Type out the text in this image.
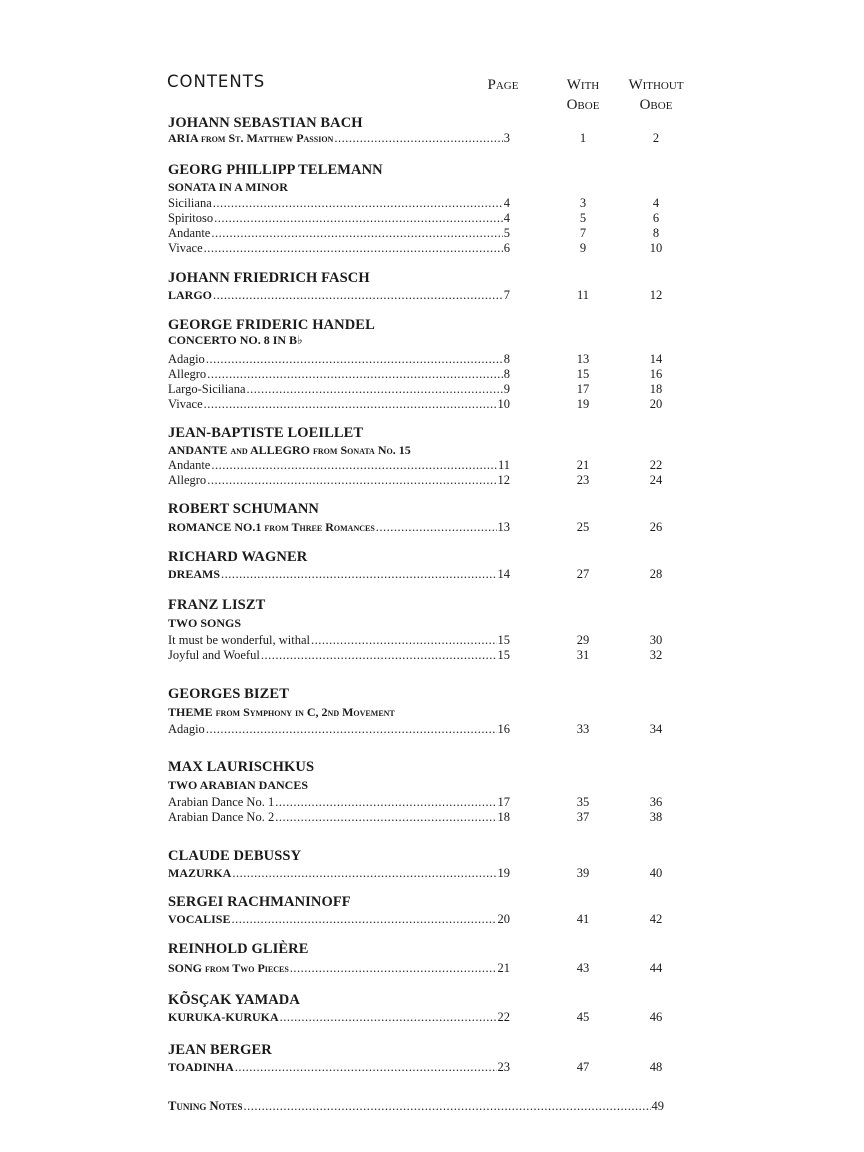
CONTENTS	Page	With
Oboe
Without
Oboe
JOHANN SEBASTIAN BACH
ARIA from St. Matthew Passion .....	3	1	2
GEORG PHILLIPP TELEMANN
SONATA IN A MINOR
Siciliana .....	4	3	4
Spiritoso .....	4	5	6
Andante .....	5	7	8
Vivace .....	6	9	10
JOHANN FRIEDRICH FASCH
LARGO .....	7	11	12
GEORGE FRIDERIC HANDEL
CONCERTO NO. 8 IN B♭
Adagio .....	8	13	14
Allegro .....	8	15	16
Largo-Siciliana .....	9	17	18
Vivace .....	10	19	20
JEAN-BAPTISTE LOEILLET
ANDANTE and ALLEGRO from Sonata No. 15
Andante .....	11	21	22
Allegro .....	12	23	24
ROBERT SCHUMANN
ROMANCE NO.1 from Three Romances .....	13	25	26
RICHARD WAGNER
DREAMS .....	14	27	28
FRANZ LISZT
TWO SONGS
It must be wonderful, withal .....	15	29	30
Joyful and Woeful .....	15	31	32
GEORGES BIZET
THEME from Symphony in C, 2nd Movement
Adagio .....	16	33	34
MAX LAURISCHKUS
TWO ARABIAN DANCES
Arabian Dance No. 1 .....	17	35	36
Arabian Dance No. 2 .....	18	37	38
CLAUDE DEBUSSY
MAZURKA .....	19	39	40
SERGEI RACHMANINOFF
VOCALISE .....	20	41	42
REINHOLD GLIÈRE
SONG from Two Pieces .....	21	43	44
KÕSÇAK YAMADA
KURUKA-KURUKA .....	22	45	46
JEAN BERGER
TOADINHA .....	23	47	48
Tuning Notes .....	49
